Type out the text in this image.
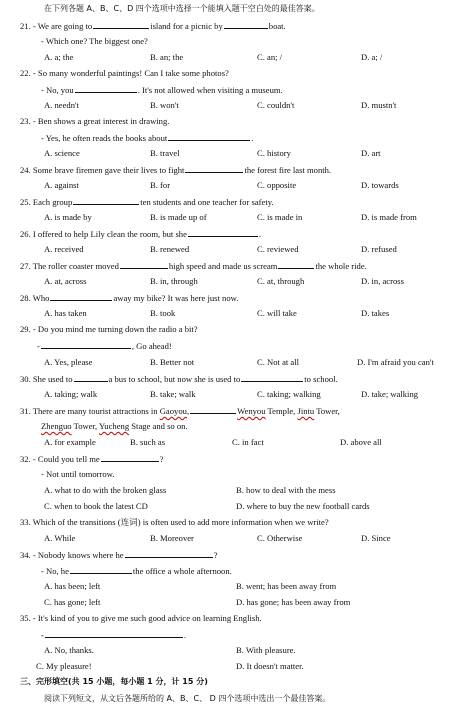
在下列各题 A、B、C、D 四个选项中选择一个能填入题干空白处的最佳答案。
21. - We are going to	island for a picnic by	boat.
- Which one? The biggest one?
A. a; the	B. an; the	C. an; /	D. a; /
22. - So many wonderful paintings! Can I take some photos?
- No, you	. It's not allowed when visiting a museum.
A. needn't	B. won't	C. couldn't	D. mustn't
23. - Ben shows a great interest in drawing.
- Yes, he often reads the books about	.
A. science	B. travel	C. history	D. art
24. Some brave firemen gave their lives to fight	the forest fire last month.
A. against	B. for	C. opposite	D. towards
25. Each group	ten students and one teacher for safety.
A. is made by	B. is made up of	C. is made in	D. is made from
26. I offered to help Lily clean the room, but she	.
A. received	B. renewed	C. reviewed	D. refused
27. The roller coaster moved	high speed and made us scream	the whole ride.
A. at, across	B. in, through	C. at, through	D. in, across
28. Who	away my bike? It was here just now.
A. has taken	B. took	C. will take	D. takes
29. - Do you mind me turning down the radio a bit?
-	, Go ahead!
A. Yes, please	B. Better not	C. Not at all	D. I'm afraid you can't
30. She used to	a bus to school, but now she is used to	to school.
A. taking; walk	B. take; walk	C. taking; walking	D. take; walking
31. There are many tourist attractions in Gaoyou,	Wenyou Temple, Jintu Tower,
Zhenguo Tower, Yucheng Stage and so on.
A. for example	B. such as	C. in fact	D. above all
32. - Could you tell me	?
- Not until tomorrow.
A. what to do with the broken glass	B. how to deal with the mess
C. when to book the latest CD	D. where to buy the new football cards
33. Which of the transitions (连词) is often used to add more information when we write?
A. While	B. Moreover	C. Otherwise	D. Since
34. - Nobody knows where he	?
- No, he	the office a whole afternoon.
A. has been; left	B. went; has been away from
C. has gone; left	D. has gone; has been away from
35. - It's kind of you to give me such good advice on learning English.
-	.
A. No, thanks.	B. With pleasure.
C. My pleasure!	D. It doesn't matter.
三、完形填空(共 15 小题，每小题 1 分，计 15 分)
阅读下列短文，从文后各题所给的 A、B、C、 D 四个选项中选出一个最佳答案。
